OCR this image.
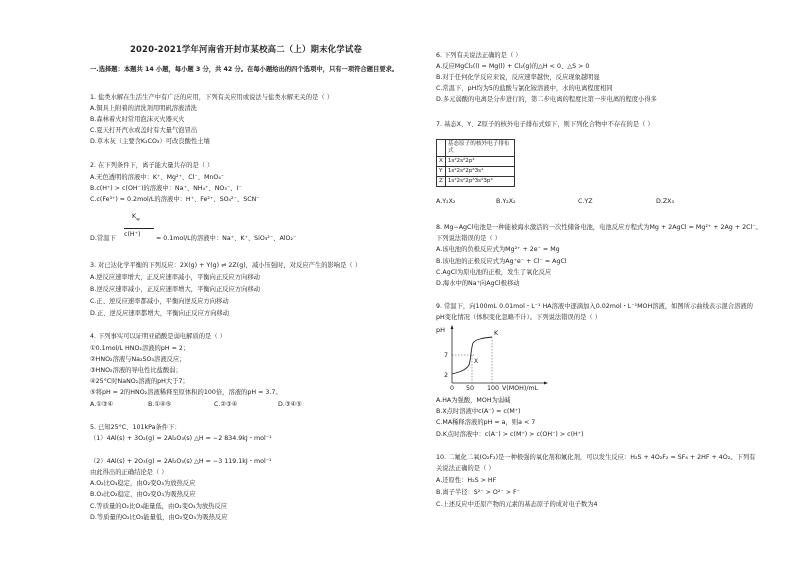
2020-2021学年河南省开封市某校高二（上）期末化学试卷
一.选择题：本题共 14 小题，每小题 3 分，共 42 分。在每小题给出的四个选项中，只有一项符合题目要求。
1. 盐类水解在生活生产中有广泛的应用，下列有关应用或说法与盐类水解无关的是（ ）
A.铜具上附着的清洗剂用明矾溶液清洗
B.森林着火时常用泡沫灭火器灭火
C.夏天打开汽水或盖时有大量气泡冒出
D.草木灰（主要含K₂CO₃）可改良酸性土壤
2. 在下列条件下，离子能大量共存的是（ ）
A.无色透明的溶液中：K⁺、Mg²⁺、Cl⁻、MnO₄⁻
B.c(H⁺) > c(OH⁻)的溶液中：Na⁺、NH₄⁺、NO₃⁻、I⁻
C.c(Fe³⁺) = 0.2mol/L的溶液中：H⁺、Fe²⁺、SO₄²⁻、SCN⁻
D.常温下
$K_w$
c(H⁺)
= 0.1mol/L的溶液中：Na⁺、K⁺、SiO₃²⁻、AlO₂⁻
3. 对已达化学平衡的下列反应：2X(g) + Y(g) ⇌ 2Z(g)，减小压强时，对反应产生的影响是（ ）
A.逆反应速率增大，正反应速率减小，平衡向正反应方向移动
B.逆反应速率减小，正反应速率增大，平衡向正反应方向移动
C.正、逆反应速率都减小，平衡向逆反应方向移动
D.正、逆反应速率都增大，平衡向正反应方向移动
4. 下列事实可以证明亚硝酸是弱电解质的是（ ）
①0.1mol/L HNO₂溶液的pH = 2；
②HNO₂溶液与Na₂SO₃溶液反应；
③HNO₂溶液的导电性比盐酸弱；
④25°C时NaNO₂溶液的pH大于7；
⑤将pH = 2的HNO₂溶液稀释至原体积的100倍，溶液的pH = 3.7。
A.①③④	B.①④⑤	C.②③④	D.③④⑤
5. 已知25°C、101kPa条件下：
（1）4Al(s) + 3O₂(g) = 2Al₂O₃(s) △H = −2 834.9kJ・mol⁻¹
（2）4Al(s) + 2O₃(g) = 2Al₂O₃(s) △H = −3 119.1kJ・mol⁻¹
由此得出的正确结论是（ ）
A.O₂比O₃稳定，由O₂变O₃为放热反应
B.O₃比O₂稳定，由O₂变O₃为吸热反应
C.等质量的O₂比O₃能量低，由O₂变O₃为放热反应
D.等质量的O₂比O₃能量低，由O₂变O₃为吸热反应
6. 下列有关说法正确的是（ ）
A.反应MgCl₂(l) = Mg(l) + Cl₂(g)的△H < 0、△S > 0
B.对于任何化学反应来说，反应速率越快，反应现象越明显
C.常温下，pH均为5的盐酸与氯化铵溶液中，水的电离程度相同
D.多元弱酸的电离是分步进行的，第二步电离的程度比第一步电离的程度小得多
7. 基态X、Y、Z原子的核外电子排布式如下，则下列化合物中不存在的是（ ）
	基态原子的核外电子排布式
X	1s²2s²2p⁴
Y	1s²2s²2p⁶3s¹
Z	1s²2s²2p⁶3s²3p⁴
A.Y₂X₂	B.Y₂X₂	C.YZ	D.ZX₃
8. Mg−AgCl电池是一种能被海水激活的一次性储备电池，电池反应方程式为Mg + 2AgCl = Mg²⁺ + 2Ag + 2Cl⁻。
下列说法错误的是（ ）
A.该电池的负极反应式为Mg²⁺ + 2e⁻ = Mg
B.该电池的正极反应式为Ag⁺e⁻ + Cl⁻ = AgCl
C.AgCl为原电池的正极，发生了氧化反应
D.海水中的Na⁺向AgCl极移动
9. 常温下，向100mL 0.01mol・L⁻¹ HA溶液中逐滴加入0.02mol・L⁻¹MOH溶液，如图所示曲线表示混合溶液的
pH变化情况（体积变化忽略不计）。下列说法错误的是（ ）
pH
7
2
X
K
0 50 100 V(MOH)/mL
A.HA为强酸，MOH为弱碱
B.X点时溶液中c(A⁻) = c(M⁺)
C.MA稀释溶液的pH = a，则a < 7
D.K点时溶液中：c(A⁻) > c(M⁺) > c(OH⁻) > c(H⁺)
10. 二氟化二氧(O₂F₂)是一种极强的氧化剂和氟化剂，可以发生反应：H₂S + 4O₂F₂ = SF₆ + 2HF + 4O₂。下列有
关说法正确的是（ ）
A.还原性：H₂S > HF
B.离子半径：S²⁻ > O²⁻ > F⁻
C.上述反应中还原产物的元素的基态原子的成对电子数为4
